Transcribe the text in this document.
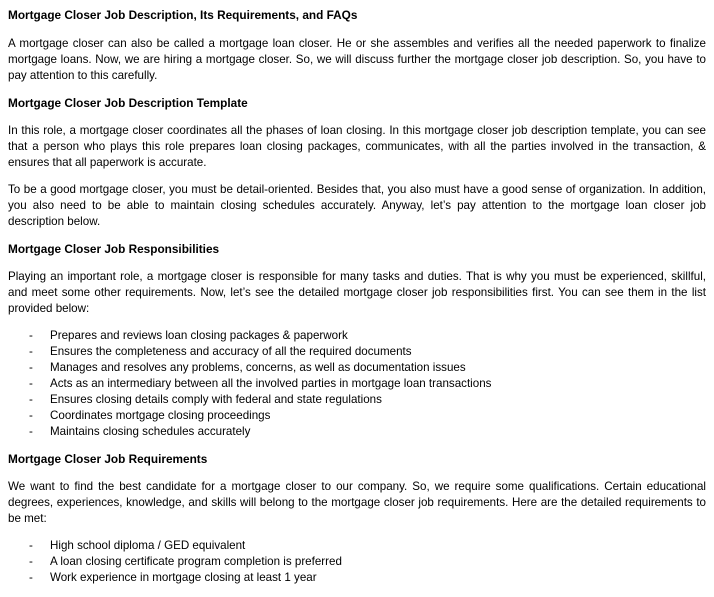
Mortgage Closer Job Description, Its Requirements, and FAQs

A mortgage closer can also be called a mortgage loan closer. He or she assembles and verifies all the needed paperwork to finalize mortgage loans. Now, we are hiring a mortgage closer. So, we will discuss further the mortgage closer job description. So, you have to pay attention to this carefully.

Mortgage Closer Job Description Template

In this role, a mortgage closer coordinates all the phases of loan closing. In this mortgage closer job description template, you can see that a person who plays this role prepares loan closing packages, communicates, with all the parties involved in the transaction, & ensures that all paperwork is accurate.

To be a good mortgage closer, you must be detail-oriented. Besides that, you also must have a good sense of organization. In addition, you also need to be able to maintain closing schedules accurately. Anyway, let’s pay attention to the mortgage loan closer job description below.

Mortgage Closer Job Responsibilities

Playing an important role, a mortgage closer is responsible for many tasks and duties. That is why you must be experienced, skillful, and meet some other requirements. Now, let’s see the detailed mortgage closer job responsibilities first. You can see them in the list provided below:

- Prepares and reviews loan closing packages & paperwork
- Ensures the completeness and accuracy of all the required documents
- Manages and resolves any problems, concerns, as well as documentation issues
- Acts as an intermediary between all the involved parties in mortgage loan transactions
- Ensures closing details comply with federal and state regulations
- Coordinates mortgage closing proceedings
- Maintains closing schedules accurately
Mortgage Closer Job Requirements

We want to find the best candidate for a mortgage closer to our company. So, we require some qualifications. Certain educational degrees, experiences, knowledge, and skills will belong to the mortgage closer job requirements. Here are the detailed requirements to be met:

- High school diploma / GED equivalent
- A loan closing certificate program completion is preferred
- Work experience in mortgage closing at least 1 year
